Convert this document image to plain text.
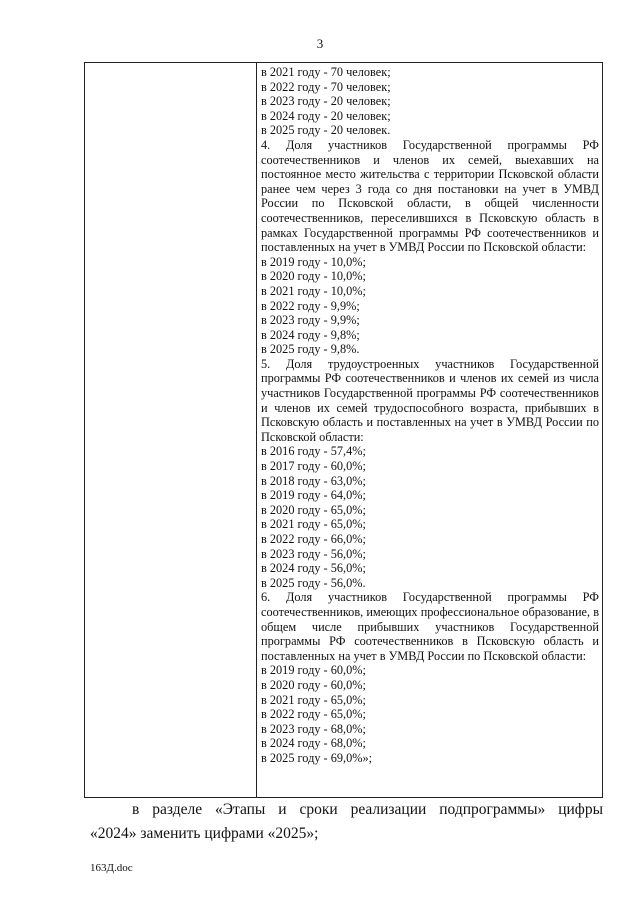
3
в 2021 году - 70 человек;
в 2022 году - 70 человек;
в 2023 году - 20 человек;
в 2024 году - 20 человек;
в 2025 году - 20 человек.
4. Доля участников Государственной программы РФ соотечественников и членов их семей, выехавших на постоянное место жительства с территории Псковской области ранее чем через 3 года со дня постановки на учет в УМВД России по Псковской области, в общей численности соотечественников, переселившихся в Псковскую область в рамках Государственной программы РФ соотечественников и поставленных на учет в УМВД России по Псковской области:
в 2019 году - 10,0%;
в 2020 году - 10,0%;
в 2021 году - 10,0%;
в 2022 году - 9,9%;
в 2023 году - 9,9%;
в 2024 году - 9,8%;
в 2025 году - 9,8%.
5. Доля трудоустроенных участников Государственной программы РФ соотечественников и членов их семей из числа участников Государственной программы РФ соотечественников и членов их семей трудоспособного возраста, прибывших в Псковскую область и поставленных на учет в УМВД России по Псковской области:
в 2016 году - 57,4%;
в 2017 году - 60,0%;
в 2018 году - 63,0%;
в 2019 году - 64,0%;
в 2020 году - 65,0%;
в 2021 году - 65,0%;
в 2022 году - 66,0%;
в 2023 году - 56,0%;
в 2024 году - 56,0%;
в 2025 году - 56,0%.
6. Доля участников Государственной программы РФ соотечественников, имеющих профессиональное образование, в общем числе прибывших участников Государственной программы РФ соотечественников в Псковскую область и поставленных на учет в УМВД России по Псковской области:
в 2019 году - 60,0%;
в 2020 году - 60,0%;
в 2021 году - 65,0%;
в 2022 году - 65,0%;
в 2023 году - 68,0%;
в 2024 году - 68,0%;
в 2025 году - 69,0%»;
в разделе «Этапы и сроки реализации подпрограммы» цифры
«2024» заменить цифрами «2025»;
163Д.doc
